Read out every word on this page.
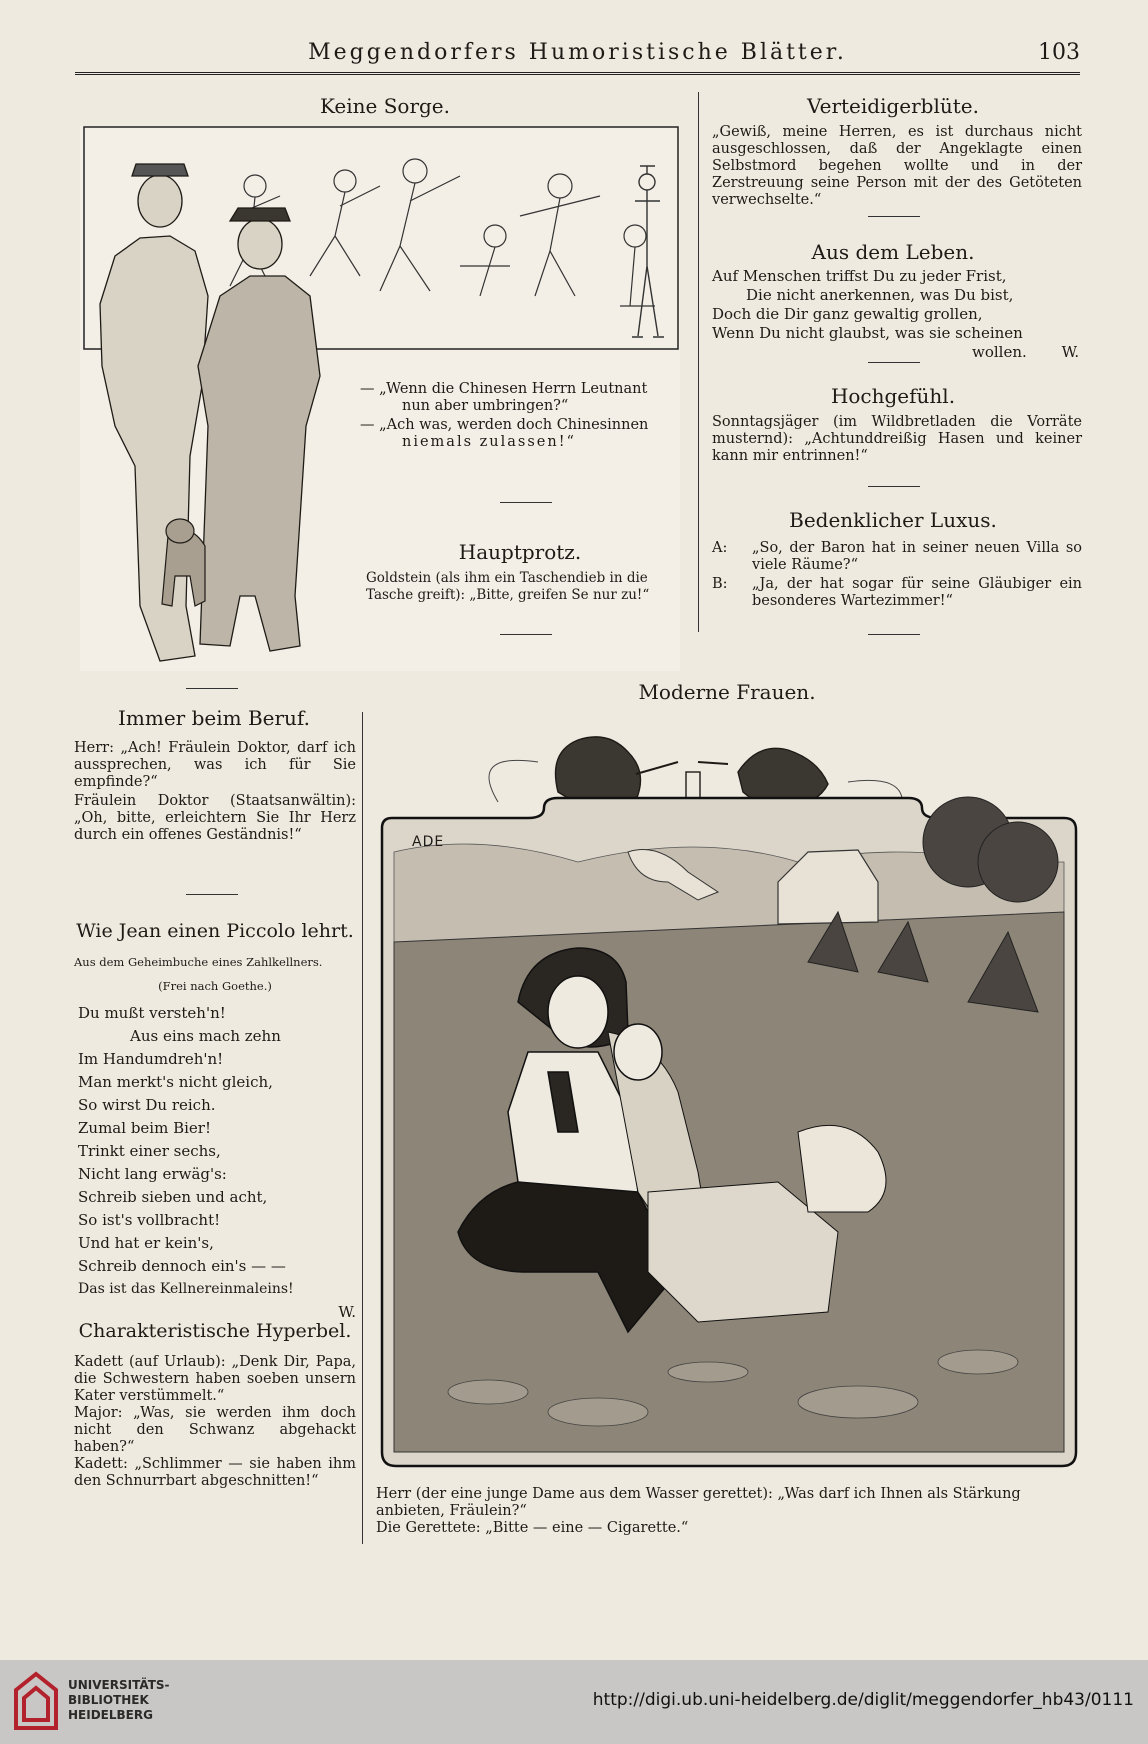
Meggendorfers Humoristische Blätter.	103
Keine Sorge.

— „Wenn die Chinesen Herrn Leutnant

nun aber umbringen?“

— „Ach was, werden doch Chinesinnen

niemals zulassen!“

Hauptprotz.

Goldstein (als ihm ein Taschendieb in die

Tasche greift): „Bitte, greifen Se nur zu!“

Verteidigerblüte.
„Gewiß, meine Herren, es ist durchaus nicht ausgeschlossen, daß der Angeklagte einen Selbstmord begehen wollte und in der Zerstreuung seine Person mit der des Getöteten verwechselte.“
Aus dem Leben.
Auf Menschen triffst Du zu jeder Frist,
Die nicht anerkennen, was Du bist,
Doch die Dir ganz gewaltig grollen,
Wenn Du nicht glaubst, was sie scheinen
wollen. W.
Hochgefühl.
Sonntagsjäger (im Wildbretladen die Vorräte musternd): „Achtunddreißig Hasen und keiner kann mir entrinnen!“
Bedenklicher Luxus.
A:	„So, der Baron hat in seiner neuen Villa so viele Räume?“
B:	„Ja, der hat sogar für seine Gläubiger ein besonderes Wartezimmer!“
Immer beim Beruf.

Herr: „Ach! Fräulein Doktor, darf ich aussprechen, was ich für Sie empfinde?“

Fräulein Doktor (Staatsanwältin): „Oh, bitte, erleichtern Sie Ihr Herz durch ein offenes Geständnis!“

Wie Jean einen Piccolo lehrt.
Aus dem Geheimbuche eines Zahlkellners.
(Frei nach Goethe.)
Du mußt versteh'n!
Aus eins mach zehn
Im Handumdreh'n!
Man merkt's nicht gleich,
So wirst Du reich.
Zumal beim Bier!
Trinkt einer sechs,
Nicht lang erwäg's:
Schreib sieben und acht,
So ist's vollbracht!
Und hat er kein's,
Schreib dennoch ein's — —
Das ist das Kellnereinmaleins!
W.
Charakteristische Hyperbel.

Kadett (auf Urlaub): „Denk Dir, Papa, die Schwestern haben soeben unsern Kater verstümmelt.“

Major: „Was, sie werden ihm doch nicht den Schwanz abgehackt haben?“

Kadett: „Schlimmer — sie haben ihm den Schnurrbart abgeschnitten!“

Moderne Frauen.
ADE

Herr (der eine junge Dame aus dem Wasser gerettet): „Was darf ich Ihnen als Stärkung anbieten, Fräulein?“

Die Gerettete: „Bitte — eine — Cigarette.“

UNIVERSITÄTS-
BIBLIOTHEK
HEIDELBERG
http://digi.ub.uni-heidelberg.de/diglit/meggendorfer_hb43/0111
